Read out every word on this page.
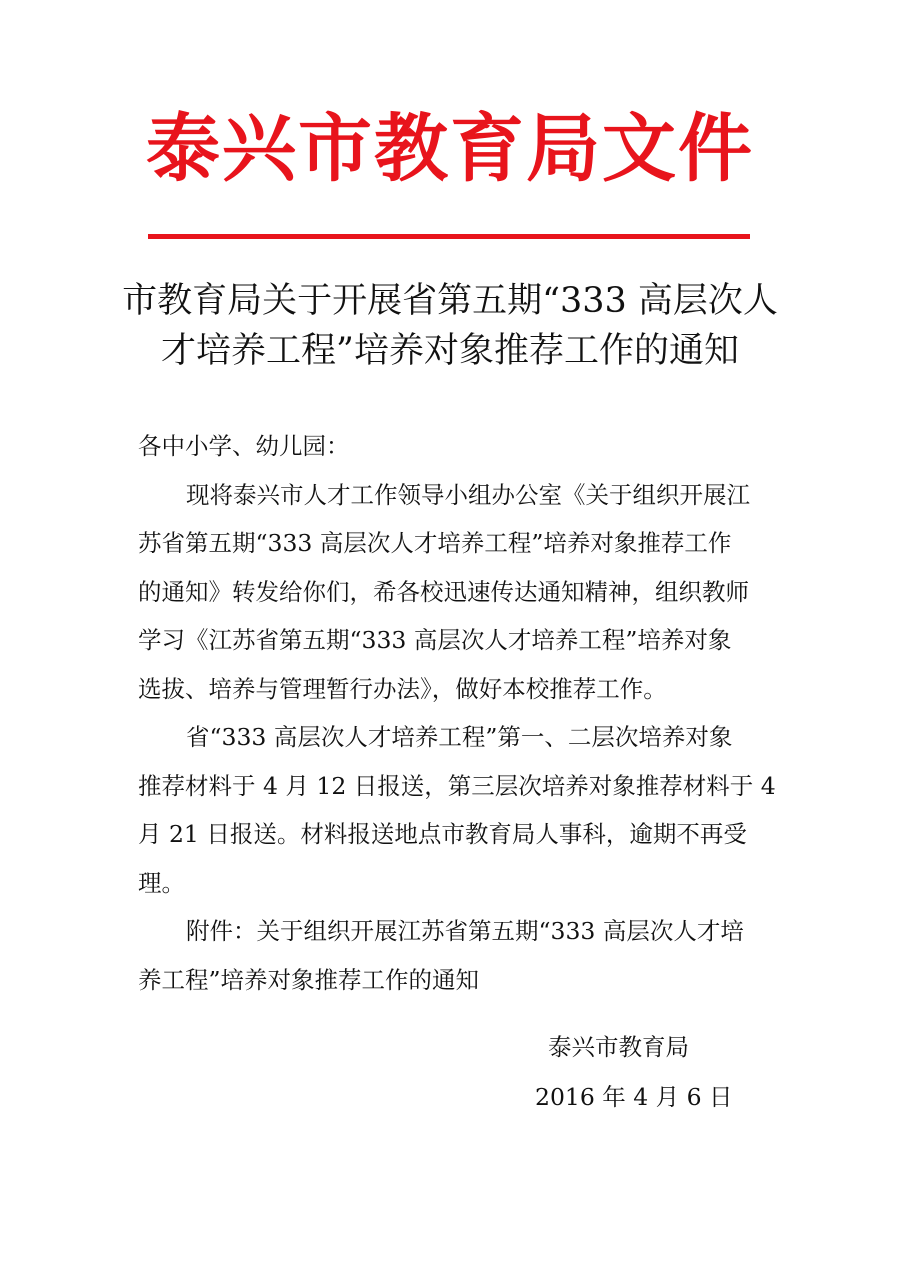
泰兴市教育局文件
市教育局关于开展省第五期“333 高层次人
才培养工程”培养对象推荐工作的通知
各中小学、幼儿园：
现将泰兴市人才工作领导小组办公室《关于组织开展江
苏省第五期“333 高层次人才培养工程”培养对象推荐工作
的通知》转发给你们，希各校迅速传达通知精神，组织教师
学习《江苏省第五期“333 高层次人才培养工程”培养对象
选拔、培养与管理暂行办法》，做好本校推荐工作。
省“333 高层次人才培养工程”第一、二层次培养对象
推荐材料于 4 月 12 日报送，第三层次培养对象推荐材料于 4
月 21 日报送。材料报送地点市教育局人事科，逾期不再受
理。
附件：关于组织开展江苏省第五期“333 高层次人才培
养工程”培养对象推荐工作的通知
泰兴市教育局
2016 年 4 月 6 日
